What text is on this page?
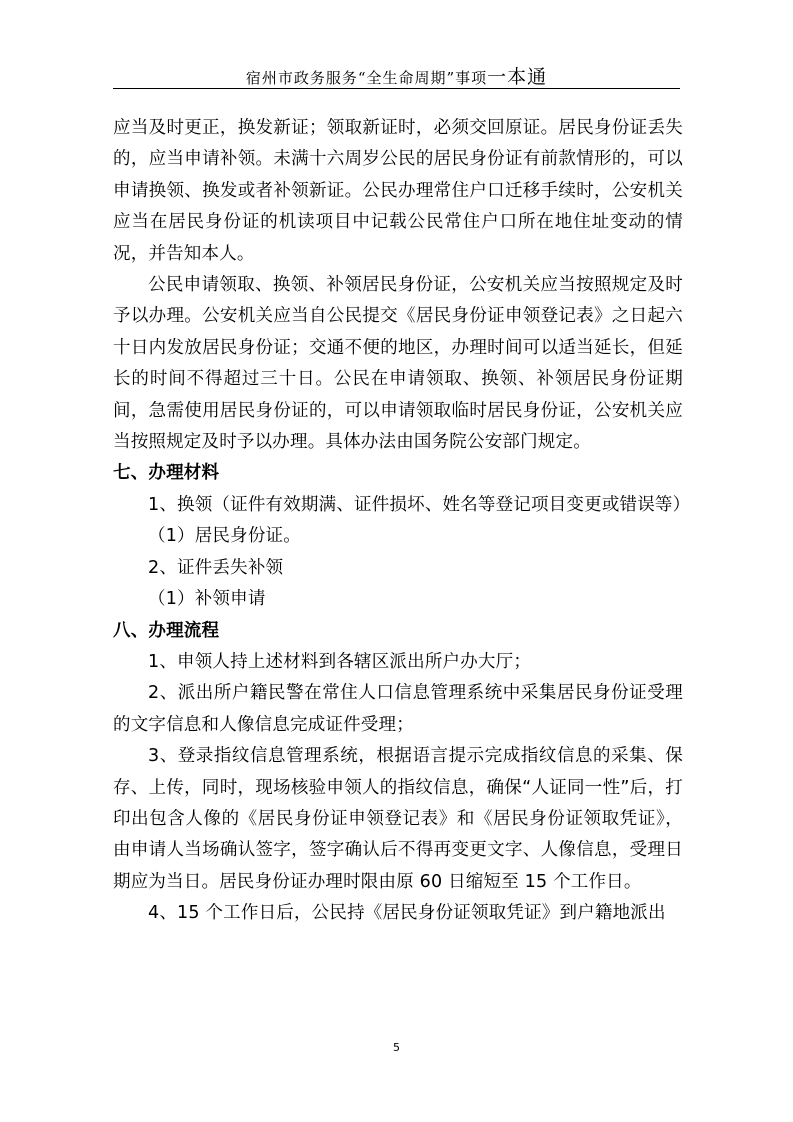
宿州市政务服务“全生命周期”事项一本通

应当及时更正，换发新证；领取新证时，必须交回原证。居民身份证丢失的，应当申请补领。未满十六周岁公民的居民身份证有前款情形的，可以申请换领、换发或者补领新证。公民办理常住户口迁移手续时，公安机关应当在居民身份证的机读项目中记载公民常住户口所在地住址变动的情况，并告知本人。

公民申请领取、换领、补领居民身份证，公安机关应当按照规定及时予以办理。公安机关应当自公民提交《居民身份证申领登记表》之日起六十日内发放居民身份证；交通不便的地区，办理时间可以适当延长，但延长的时间不得超过三十日。公民在申请领取、换领、补领居民身份证期间，急需使用居民身份证的，可以申请领取临时居民身份证，公安机关应当按照规定及时予以办理。具体办法由国务院公安部门规定。

七、办理材料

1、换领（证件有效期满、证件损坏、姓名等登记项目变更或错误等）

（1）居民身份证。

2、证件丢失补领

（1）补领申请

八、办理流程

1、申领人持上述材料到各辖区派出所户办大厅；

2、派出所户籍民警在常住人口信息管理系统中采集居民身份证受理的文字信息和人像信息完成证件受理；

3、登录指纹信息管理系统，根据语言提示完成指纹信息的采集、保存、上传，同时，现场核验申领人的指纹信息，确保“人证同一性”后，打印出包含人像的《居民身份证申领登记表》和《居民身份证领取凭证》，由申请人当场确认签字，签字确认后不得再变更文字、人像信息，受理日期应为当日。居民身份证办理时限由原 60 日缩短至 15 个工作日。

4、15 个工作日后，公民持《居民身份证领取凭证》到户籍地派出

5
